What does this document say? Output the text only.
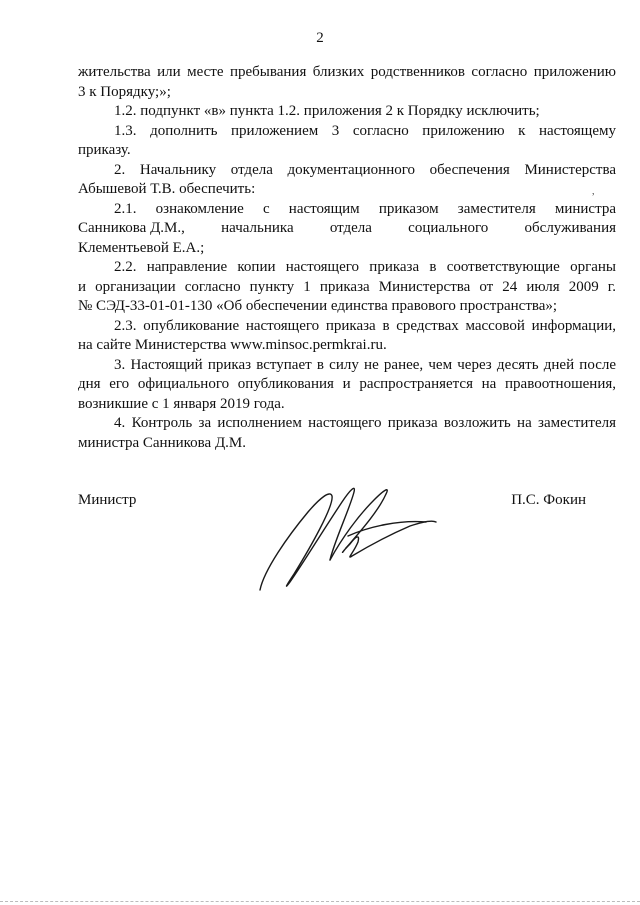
2
,

жительства или месте пребывания близких родственников согласно приложению

3 к Порядку;»;

1.2. подпункт «в» пункта 1.2. приложения 2 к Порядку исключить;

1.3. дополнить приложением 3 согласно приложению к настоящему

приказу.

2. Начальнику отдела документационного обеспечения Министерства

Абышевой Т.В. обеспечить:

2.1. ознакомление с настоящим приказом заместителя министра

Санникова Д.М., начальника отдела социального обслуживания

Клементьевой Е.А.;

2.2. направление копии настоящего приказа в соответствующие органы

и организации согласно пункту 1 приказа Министерства от 24 июля 2009 г.

№ СЭД-33-01-01-130 «Об обеспечении единства правового пространства»;

2.3. опубликование настоящего приказа в средствах массовой информации,

на сайте Министерства www.minsoc.permkrai.ru.

3. Настоящий приказ вступает в силу не ранее, чем через десять дней после

дня его официального опубликования и распространяется на правоотношения,

возникшие с 1 января 2019 года.

4. Контроль за исполнением настоящего приказа возложить на заместителя

министра Санникова Д.М.

Министр	П.С. Фокин
